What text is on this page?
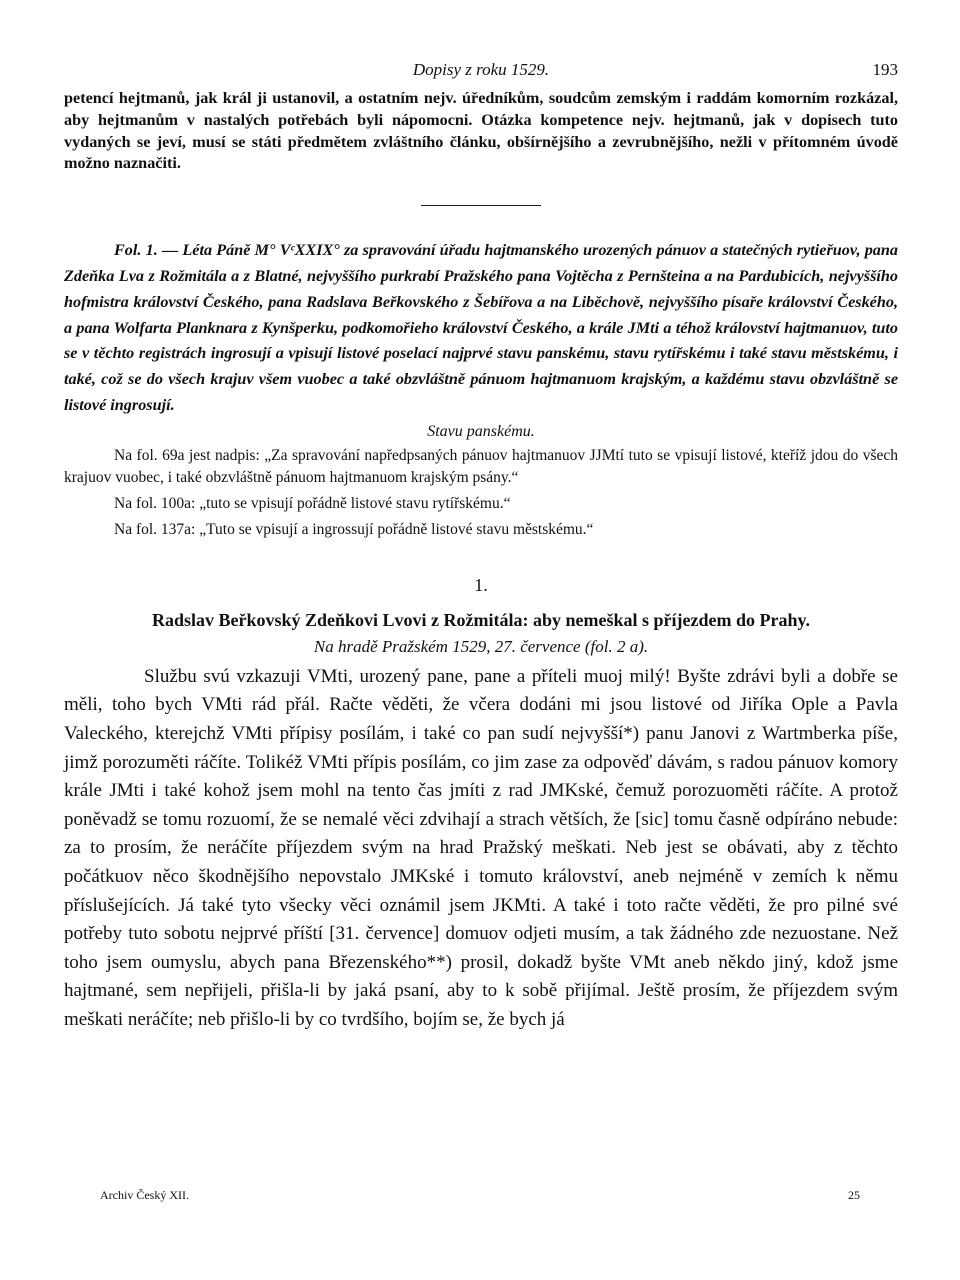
Dopisy z roku 1529.	193

petencí hejtmanů, jak král ji ustanovil, a ostatním nejv. úředníkům, soudcům zemským i raddám komorním rozkázal, aby hejtmanům v nastalých potřebách byli nápomocni. Otázka kompetence nejv. hejtmanů, jak v dopisech tuto vydaných se jeví, musí se státi předmětem zvláštního článku, obšírnějšího a zevrubnějšího, nežli v přítomném úvodě možno naznačiti.

Fol. 1. — Léta Páně M° VᶜXXIX° za spravování úřadu hajtmanského urozených pánuov a statečných rytieřuov, pana Zdeňka Lva z Rožmitála a z Blatné, nejvyššího purkrabí Pražského pana Vojtěcha z Pernšteina a na Pardubicích, nejvyššího hofmistra království Českého, pana Radslava Beřkovského z Šebířova a na Liběchově, nejvyššího písaře království Českého, a pana Wolfarta Planknara z Kynšperku, podkomořieho království Českého, a krále JMti a téhož království hajtmanuov, tuto se v těchto registrách ingrosují a vpisují listové poselací najprvé stavu panskému, stavu rytířskému i také stavu městskému, i také, což se do všech krajuv všem vuobec a také obzvláštně pánuom hajtmanuom krajským, a každému stavu obzvláštně se listové ingrosují.

Stavu panskému.

Na fol. 69a jest nadpis: „Za spravování napředpsaných pánuov hajtmanuov JJMtí tuto se vpisují listové, kteříž jdou do všech krajuov vuobec, i také obzvláštně pánuom hajtmanuom krajským psány.“

Na fol. 100a: „tuto se vpisují pořádně listové stavu rytířskému.“

Na fol. 137a: „Tuto se vpisují a ingrossují pořádně listové stavu městskému.“

1.
Radslav Beřkovský Zdeňkovi Lvovi z Rožmitála: aby nemeškal s příjezdem do Prahy.
Na hradě Pražském 1529, 27. července (fol. 2 a).

Službu svú vzkazuji VMti, urozený pane, pane a příteli muoj milý! Byšte zdrávi byli a dobře se měli, toho bych VMti rád přál. Račte věděti, že včera dodáni mi jsou listové od Jiříka Ople a Pavla Valeckého, kterejchž VMti přípisy posílám, i také co pan sudí nejvyšší*) panu Janovi z Wartmberka píše, jimž porozuměti ráčíte. Tolikéž VMti přípis posílám, co jim zase za odpověď dávám, s radou pánuov komory krále JMti i také kohož jsem mohl na tento čas jmíti z rad JMKské, čemuž porozuoměti ráčíte. A protož poněvadž se tomu rozuomí, že se nemalé věci zdvihají a strach větších, že [sic] tomu časně odpíráno nebude: za to prosím, že neráčíte příjezdem svým na hrad Pražský meškati. Neb jest se obávati, aby z těchto počátkuov něco škodnějšího nepovstalo JMKské i tomuto království, aneb nejméně v zemích k němu příslušejících. Já také tyto všecky věci oznámil jsem JKMti. A také i toto račte věděti, že pro pilné své potřeby tuto sobotu nejprvé příští [31. července] domuov odjeti musím, a tak žádného zde nezuostane. Než toho jsem oumyslu, abych pana Březenského**) prosil, dokadž byšte VMt aneb někdo jiný, kdož jsme hajtmané, sem nepřijeli, přišla-li by jaká psaní, aby to k sobě přijímal. Ještě prosím, že příjezdem svým meškati neráčíte; neb přišlo-li by co tvrdšího, bojím se, že bych já

Archiv Český XII.	25
